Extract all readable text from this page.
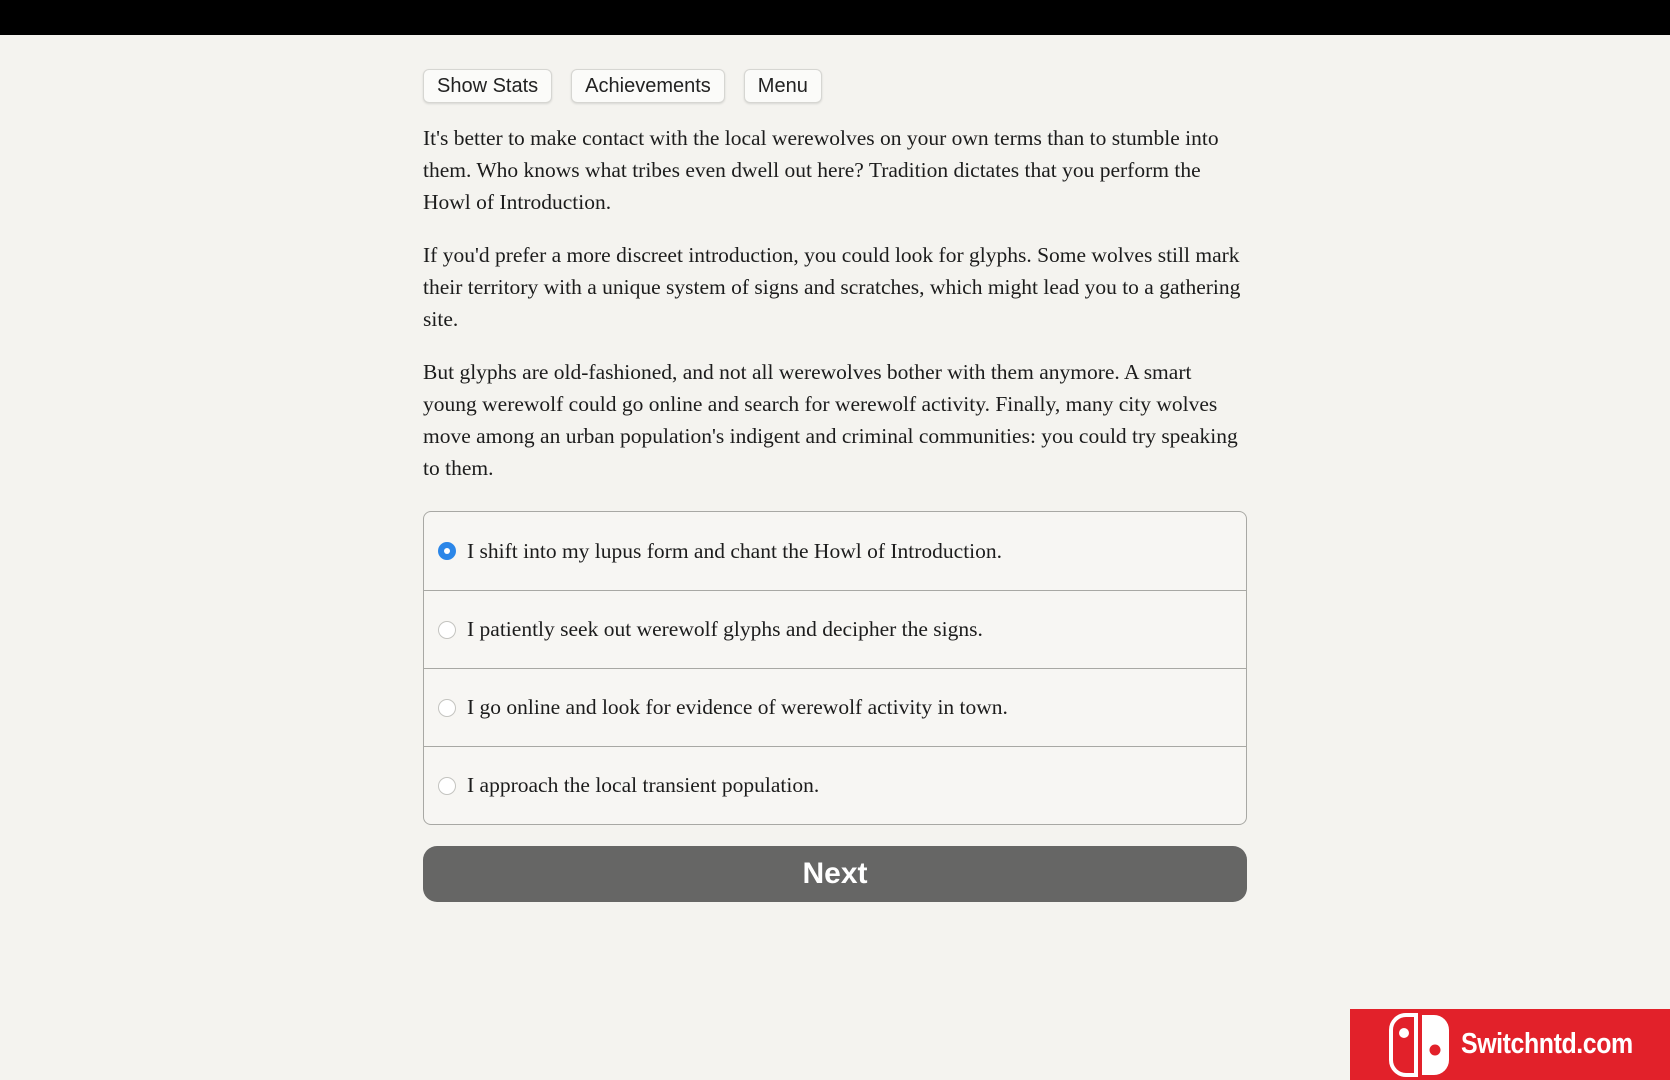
Show Stats	Achievements	Menu

It's better to make contact with the local werewolves on your own terms than to stumble into them. Who knows what tribes even dwell out here? Tradition dictates that you perform the Howl of Introduction.

If you'd prefer a more discreet introduction, you could look for glyphs. Some wolves still mark their territory with a unique system of signs and scratches, which might lead you to a gathering site.

But glyphs are old-fashioned, and not all werewolves bother with them anymore. A smart young werewolf could go online and search for werewolf activity. Finally, many city wolves move among an urban population's indigent and criminal communities: you could try speaking to them.

I shift into my lupus form and chant the Howl of Introduction.
I patiently seek out werewolf glyphs and decipher the signs.
I go online and look for evidence of werewolf activity in town.
I approach the local transient population.
Next
Switchntd.com
